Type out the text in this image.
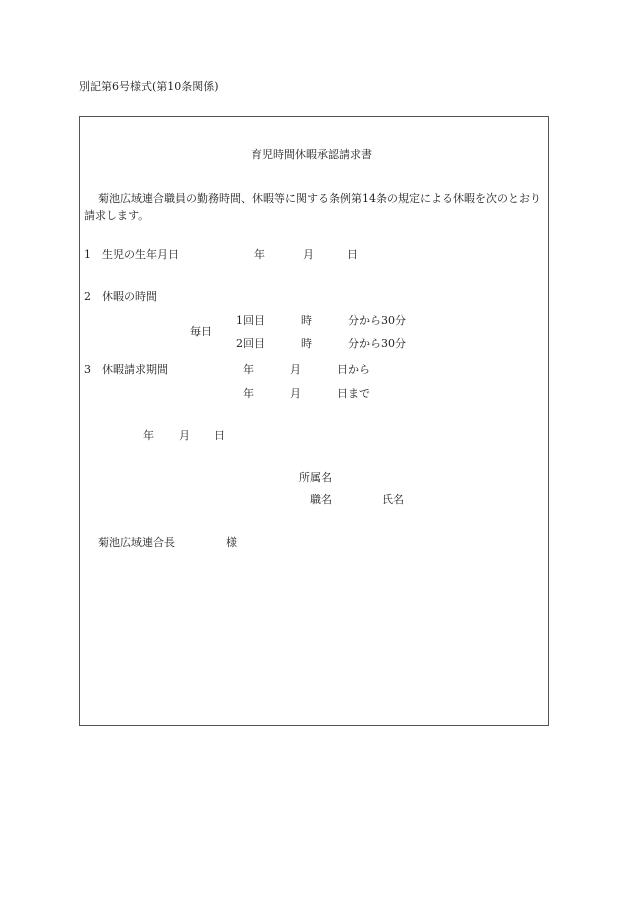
別記第6号様式(第10条関係)
育児時間休暇承認請求書
菊池広域連合職員の勤務時間、休暇等に関する条例第14条の規定による休暇を次のとおり請求します。
1 生児の生年月日	年	月	日
2 休暇の時間
毎日
1回目	時	分から30分
2回目	時	分から30分
3 休暇請求期間	年	月	日から
年	月	日まで
年 月 日
所属名
職名	氏名
菊池広域連合長	様
